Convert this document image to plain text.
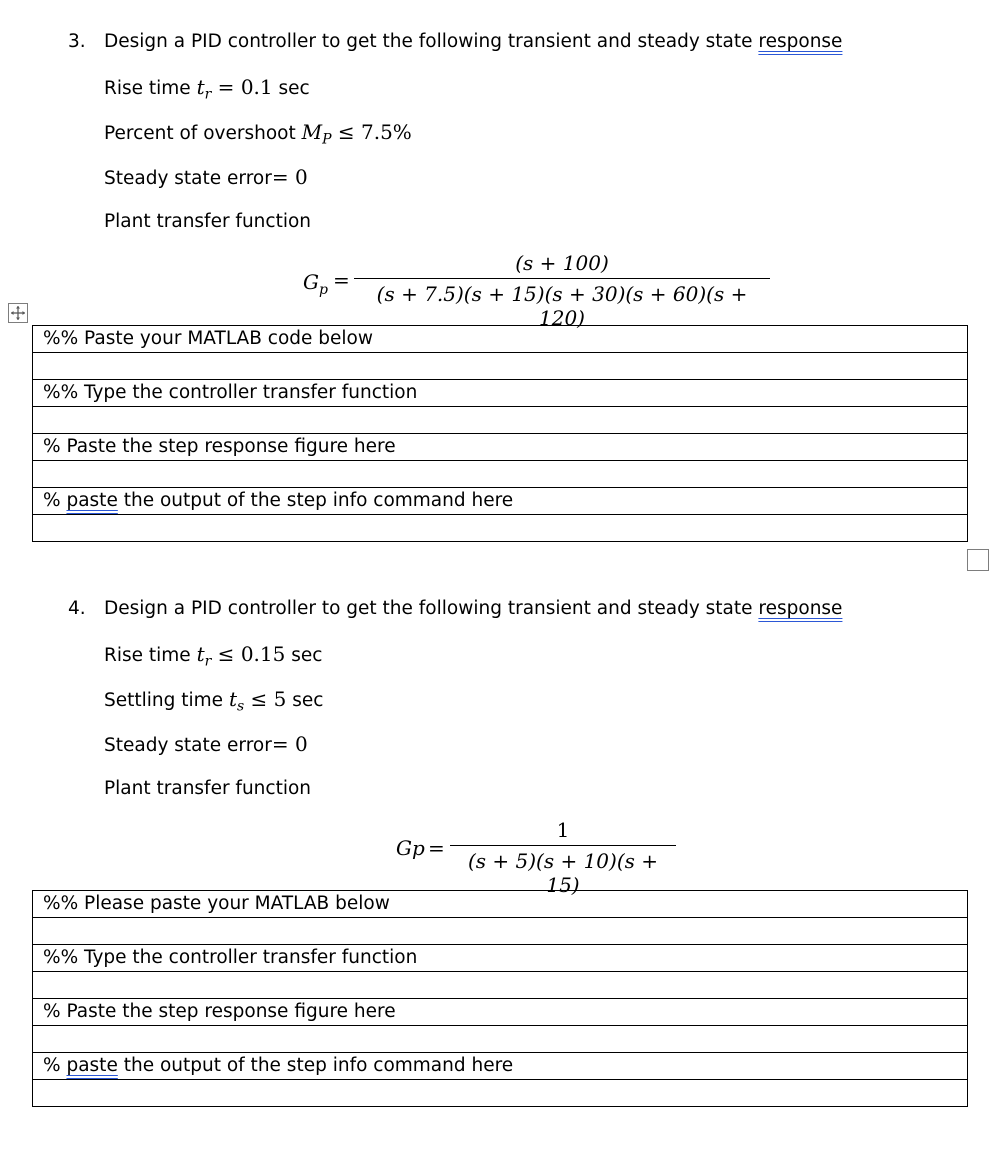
3. Design a PID controller to get the following transient and steady state response
Rise time $t_r = 0.1$ sec
Percent of overshoot $M_P \le 7.5\%$
Steady state error= 0
Plant transfer function
$G_p$ =
(s + 100)
(s + 7.5)(s + 15)(s + 30)(s + 60)(s + 120)
%% Paste your MATLAB code below

%% Type the controller transfer function

% Paste the step response figure here

% paste the output of the step info command here

4. Design a PID controller to get the following transient and steady state response
Rise time $t_r \le 0.15$ sec
Settling time $t_s \le 5$ sec
Steady state error= 0
Plant transfer function
Gp =
1
(s + 5)(s + 10)(s + 15)
%% Please paste your MATLAB below

%% Type the controller transfer function

% Paste the step response figure here

% paste the output of the step info command here
